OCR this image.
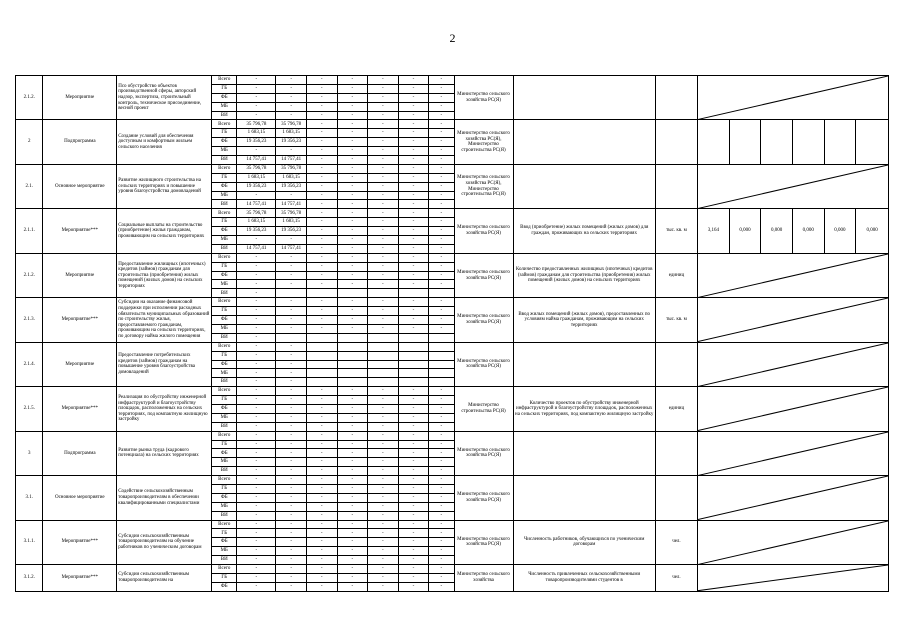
2
2.1.2.	Мероприятие	Псо обустройство объектов производственной сферы, авторский надзор, экспертиза, строительный контроль, техническое присоединение, весной проект	Всего	-	-	-	-	-	-	-	Министерство сельского хозяйства РС(Я)			

			ГБ	-	-	-	-	-	-	-									
			ФБ	-	-	-	-	-	-	-									
			МБ	-	-	-	-	-	-	-									
			ВИ	-	-	-	-	-	-	-									
2	Подпрограмма	Создание условий для обеспечения доступным и комфортным жильем сельского населения	Всего	35 796,78	35 796,78	-	-	-	-	-	Министерство сельского хозяйства РС(Я), Министерство строительства РС(Я)								
			ГБ	1 683,15	1 683,15	-	-	-	-	-									
			ФБ	19 356,23	19 356,23	-	-	-	-	-									
			МБ	-	-	-	-	-	-	-									
			ВИ	14 757,41	14 757,41	-	-	-	-	-									
2.1.	Основное мероприятие	Развитие жилищного строительства на сельских территориях и повышение уровня благоустройства домовладений	Всего	35 796,78	35 796,78	-	-	-	-	-	Министерство сельского хозяйства РС(Я), Министерство строительства РС(Я)			

			ГБ	1 683,15	1 683,15	-	-	-	-	-									
			ФБ	19 356,23	19 356,23	-	-	-	-	-									
			МБ	-	-	-	-	-	-	-									
			ВИ	14 757,41	14 757,41	-	-	-	-	-									
2.1.1.	Мероприятие***	Социальные выплаты на строительство (приобретение) жилья гражданам, проживающим на сельских территориях	Всего	35 796,78	35 796,78	-	-	-	-	-	Министерство сельского хозяйства РС(Я)	Ввод (приобретение) жилых помещений (жилых домов) для граждан, проживающих на сельских территориях	тыс. кв. м	3,164	0,000	0,000	0,000	0,000	0,000
			ГБ	1 683,15	1 683,15	-	-	-	-	-									
			ФБ	19 356,23	19 356,23	-	-	-	-	-									
			МБ	-	-	-	-	-	-	-									
			ВИ	14 757,41	14 757,41	-	-	-	-	-									
2.1.2.	Мероприятие	Предоставление жилищных (ипотечных) кредитов (займов) гражданам для строительства (приобретения) жилых помещений (жилых домов) на сельских территориях	Всего	-	-	-	-	-	-	-	Министерство сельского хозяйства РС(Я)	Количество предоставленных жилищных (ипотечных) кредитов (займов) гражданам для строительства (приобретения) жилых помещений (жилых домов) на сельских территориях	единиц	

			ГБ	-	-	-	-	-	-	-									
			ФБ	-	-	-	-	-	-	-									
			МБ	-	-	-	-	-	-	-									
			ВИ	-															
2.1.3.	Мероприятие***	Субсидии на оказание финансовой поддержки при исполнении расходных обязательств муниципальных образований по строительству жилья, предоставляемого гражданам, проживающим на сельских территориях, по договору найма жилого помещения	Всего	-	-	-	-	-	-	-	Министерство сельского хозяйства РС(Я)	Ввод жилых помещений (жилых домов), предоставленных по условиям найма гражданам, проживающим на сельских территориях	тыс. кв. м	

			ГБ	-	-	-	-	-	-	-									
			ФБ	-	-	-	-	-	-	-									
			МБ	-	-	-	-	-	-	-									
			ВИ	-															
2.1.4.	Мероприятие	Предоставление потребительских кредитов (займов) гражданам на повышение уровня благоустройства домовладений	Всего	-	-						Министерство сельского хозяйства РС(Я)			

			ГБ	-	-														
			ФБ	-	-														
			МБ	-	-														
			ВИ	-	-														
2.1.5.	Мероприятие***	Реализация по обустройству инженерной инфраструктурой и благоустройству площадок, расположенных на сельских территориях, под компактную жилищную застройку	Всего	-	-	-	-	-	-	-	Министерство строительства РС(Я)	Количество проектов по обустройству инженерной инфраструктурой и благоустройству площадок, расположенных на сельских территориях, под компактную жилищную застройку	единиц	

			ГБ	-	-	-	-	-	-	-									
			ФБ	-	-	-	-	-	-	-									
			МБ	-	-	-	-	-	-	-									
			ВИ	-	-	-	-	-	-	-									
3	Подпрограмма	Развитие рынка труда (кадрового потенциала) на сельских территориях	Всего	-	-	-	-	-	-	-	Министерство сельского хозяйства РС(Я)			

			ГБ	-	-	-	-	-	-	-									
			ФБ	-	-	-	-	-	-	-									
			МБ	-	-	-	-	-	-	-									
			ВИ	-	-	-	-	-	-	-									
3.1.	Основное мероприятие	Содействие сельскохозяйственным товаропроизводителям в обеспечении квалифицированными специалистами	Всего	-	-	-	-	-	-	-	Министерство сельского хозяйства РС(Я)			

			ГБ	-	-	-	-	-	-	-									
			ФБ	-	-	-	-	-	-	-									
			МБ	-	-	-	-	-	-	-									
			ВИ	-	-	-	-	-	-	-									
3.1.1.	Мероприятие***	Субсидии сельскохозяйственным товаропроизводителям на обучение работников по ученическим договорам	Всего	-	-	-	-	-	-	-	Министерство сельского хозяйства РС(Я)	Численность работников, обучающихся по ученическим договорам	чел.	

			ГБ	-	-	-	-	-	-	-									
			ФБ	-	-	-	-	-	-	-									
			МБ	-	-	-	-	-	-	-									
			ВИ	-	-	-	-	-	-	-									
3.1.2.	Мероприятие***	Субсидии сельскохозяйственным товаропроизводителям на	Всего	-	-	-	-	-	-	-	Министерство сельского хозяйства	Численность привлеченных сельскохозяйственными товаропроизводителями студентов в	чел.	

			ГБ	-	-	-	-	-	-	-									
			ФБ	-	-	-	-	-	-	-									
